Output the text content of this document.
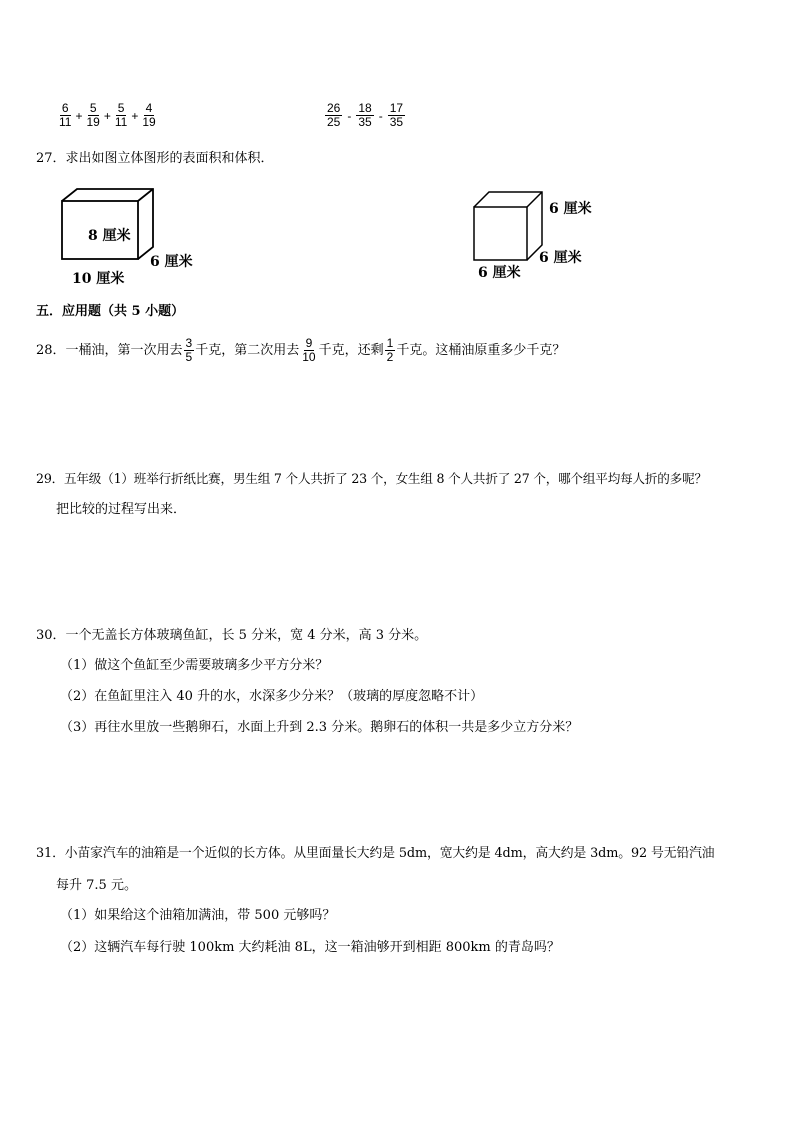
$\frac{6}{11} + \frac{5}{19} + \frac{5}{11} + \frac{4}{19}$	$\frac{26}{25} - \frac{18}{35} - \frac{17}{35}$
27．求出如图立体图形的表面积和体积．
8 厘米
6 厘米
10 厘米
6 厘米
6 厘米
6 厘米
五．应用题（共 5 小题）
28．一桶油，第一次用去 $\frac{3}{5}$ 千克，第二次用去 $\frac{9}{10}$ 千克，还剩 $\frac{1}{2}$ 千克。这桶油原重多少千克？
29．五年级（1）班举行折纸比赛，男生组 7 个人共折了 23 个，女生组 8 个人共折了 27 个，哪个组平均每人折的多呢？
把比较的过程写出来．
30．一个无盖长方体玻璃鱼缸，长 5 分米，宽 4 分米，高 3 分米。
（1）做这个鱼缸至少需要玻璃多少平方分米？
（2）在鱼缸里注入 40 升的水，水深多少分米？（玻璃的厚度忽略不计）
（3）再往水里放一些鹅卵石，水面上升到 2.3 分米。鹅卵石的体积一共是多少立方分米？
31．小苗家汽车的油箱是一个近似的长方体。从里面量长大约是 5dm，宽大约是 4dm，高大约是 3dm。92 号无铅汽油
每升 7.5 元。
（1）如果给这个油箱加满油，带 500 元够吗？
（2）这辆汽车每行驶 100km 大约耗油 8L，这一箱油够开到相距 800km 的青岛吗？
